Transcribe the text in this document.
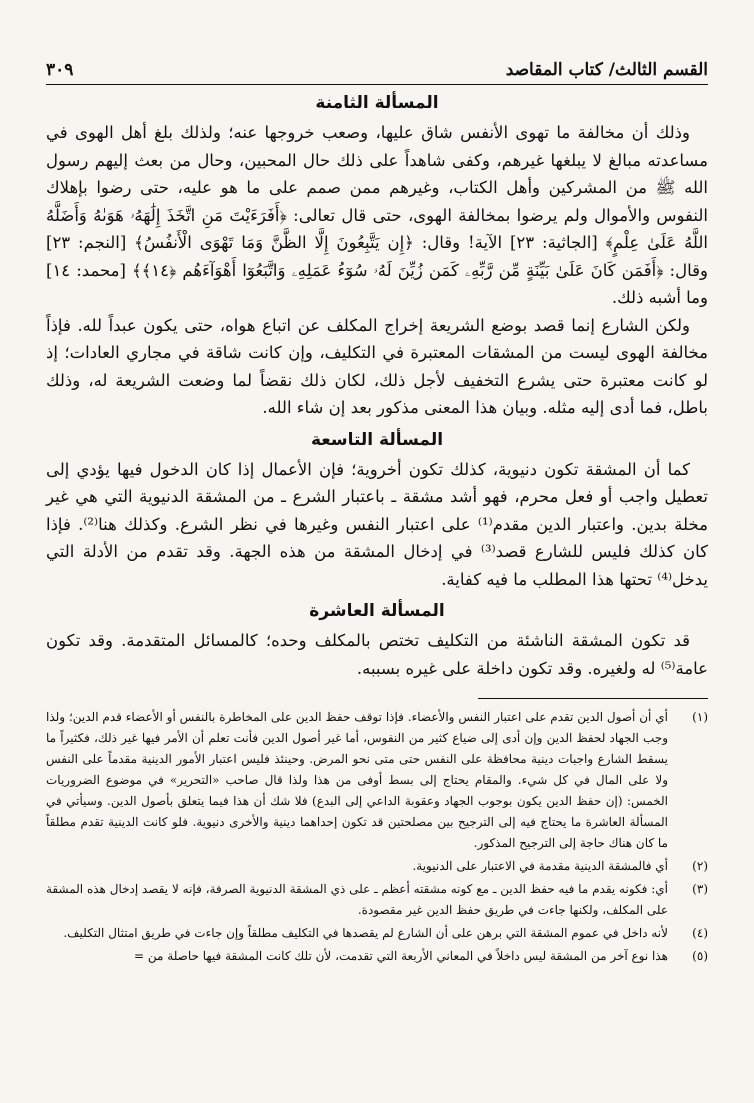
القسم الثالث/ كتاب المقاصد
٣٠٩
المسألة الثامنة

وذلك أن مخالفة ما تهوى الأنفس شاق عليها، وصعب خروجها عنه؛ ولذلك بلغ أهل الهوى في مساعدته مبالغ لا يبلغها غيرهم، وكفى شاهداً على ذلك حال المحبين، وحال من بعث إليهم رسول الله ﷺ من المشركين وأهل الكتاب، وغيرهم ممن صمم على ما هو عليه، حتى رضوا بإهلاك النفوس والأموال ولم يرضوا بمخالفة الهوى، حتى قال تعالى: ﴿أَفَرَءَيْتَ مَنِ اتَّخَذَ إِلَٰهَهُۥ هَوَىٰهُ وَأَضَلَّهُ اللَّهُ عَلَىٰ عِلْمٍ﴾ [الجاثية: ٢٣] الآية! وقال: ﴿إِن يَتَّبِعُونَ إِلَّا الظَّنَّ وَمَا تَهْوَى الْأَنفُسُ﴾ [النجم: ٢٣] وقال: ﴿أَفَمَن كَانَ عَلَىٰ بَيِّنَةٍ مِّن رَّبِّهِۦ كَمَن زُيِّنَ لَهُۥ سُوٓءُ عَمَلِهِۦ وَاتَّبَعُوٓا أَهْوَآءَهُم ﴿١٤﴾﴾ [محمد: ١٤] وما أشبه ذلك.

ولكن الشارع إنما قصد بوضع الشريعة إخراج المكلف عن اتباع هواه، حتى يكون عبداً لله. فإذاً مخالفة الهوى ليست من المشقات المعتبرة في التكليف، وإن كانت شاقة في مجاري العادات؛ إذ لو كانت معتبرة حتى يشرع التخفيف لأجل ذلك، لكان ذلك نقضاً لما وضعت الشريعة له، وذلك باطل، فما أدى إليه مثله. وبيان هذا المعنى مذكور بعد إن شاء الله.

المسألة التاسعة

كما أن المشقة تكون دنيوية، كذلك تكون أخروية؛ فإن الأعمال إذا كان الدخول فيها يؤدي إلى تعطيل واجب أو فعل محرم، فهو أشد مشقة ـ باعتبار الشرع ـ من المشقة الدنيوية التي هي غير مخلة بدين. واعتبار الدين مقدم⁽¹⁾ على اعتبار النفس وغيرها في نظر الشرع. وكذلك هنا⁽²⁾. فإذا كان كذلك فليس للشارع قصد⁽³⁾ في إدخال المشقة من هذه الجهة. وقد تقدم من الأدلة التي يدخل⁽⁴⁾ تحتها هذا المطلب ما فيه كفاية.

المسألة العاشرة

قد تكون المشقة الناشئة من التكليف تختص بالمكلف وحده؛ كالمسائل المتقدمة. وقد تكون عامة⁽⁵⁾ له ولغيره. وقد تكون داخلة على غيره بسببه.

(١)
أي أن أصول الدين تقدم على اعتبار النفس والأعضاء. فإذا توقف حفظ الدين على المخاطرة بالنفس أو الأعضاء قدم الدين؛ ولذا وجب الجهاد لحفظ الدين وإن أدى إلى ضياع كثير من النفوس، أما غير أصول الدين فأنت تعلم أن الأمر فيها غير ذلك، فكثيراً ما يسقط الشارع واجبات دينية محافظة على النفس حتى متى نحو المرض. وحينئذ فليس اعتبار الأمور الدينية مقدماً على النفس ولا على المال في كل شيء. والمقام يحتاج إلى بسط أوفى من هذا ولذا قال صاحب «التحرير» في موضوع الضروريات الخمس: (إن حفظ الدين يكون بوجوب الجهاد وعقوبة الداعي إلى البدع) فلا شك أن هذا فيما يتعلق بأصول الدين. وسيأتي في المسألة العاشرة ما يحتاج فيه إلى الترجيح بين مصلحتين قد تكون إحداهما دينية والأخرى دنيوية. فلو كانت الدينية تقدم مطلقاً ما كان هناك حاجة إلى الترجيح المذكور.
(٢)
أي فالمشقة الدينية مقدمة في الاعتبار على الدنيوية.
(٣)
أي: فكونه يقدم ما فيه حفظ الدين ـ مع كونه مشقته أعظم ـ على ذي المشقة الدنيوية الصرفة، فإنه لا يقصد إدخال هذه المشقة على المكلف، ولكنها جاءت في طريق حفظ الدين غير مقصودة.
(٤)
لأنه داخل في عموم المشقة التي برهن على أن الشارع لم يقصدها في التكليف مطلقاً وإن جاءت في طريق امتثال التكليف.
(٥)
هذا نوع آخر من المشقة ليس داخلاً في المعاني الأربعة التي تقدمت، لأن تلك كانت المشقة فيها حاصلة من =
